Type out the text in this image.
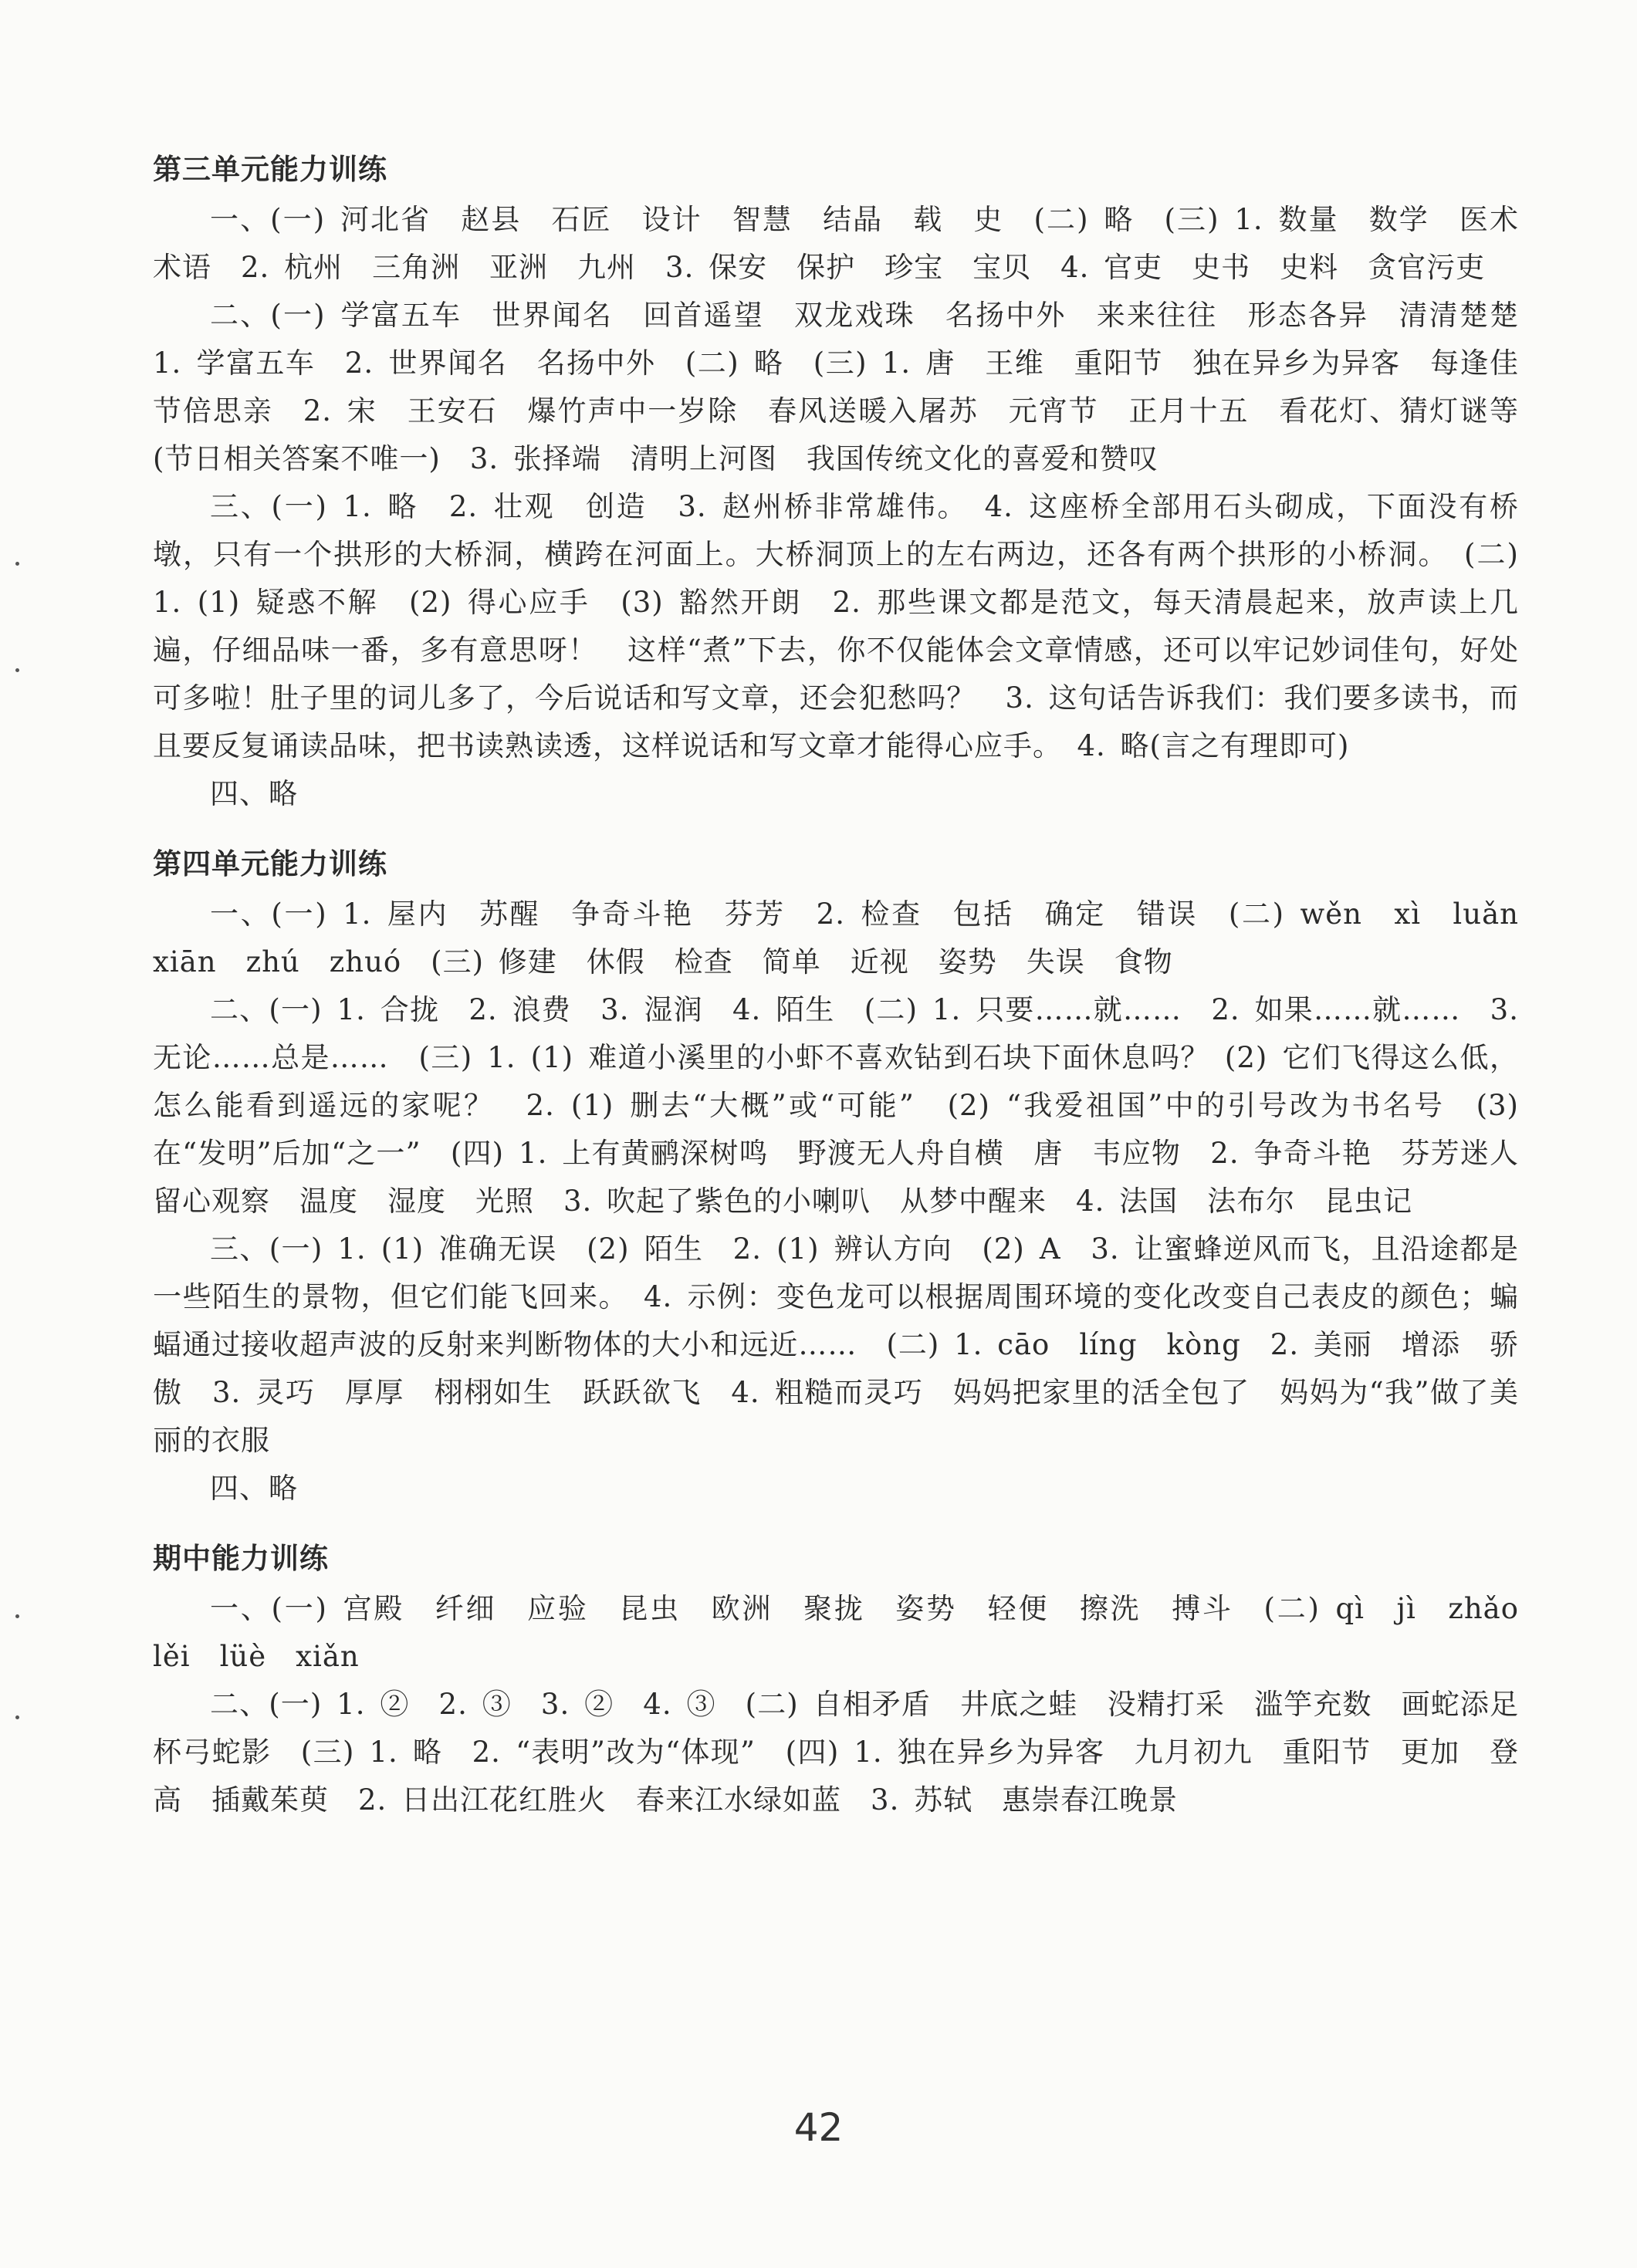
第三单元能力训练

一、(一) 河北省　赵县　石匠　设计　智慧　结晶　载　史　(二) 略　(三) 1. 数量　数学　医术　术语　2. 杭州　三角洲　亚洲　九州　3. 保安　保护　珍宝　宝贝　4. 官吏　史书　史料　贪官污吏

二、(一) 学富五车　世界闻名　回首遥望　双龙戏珠　名扬中外　来来往往　形态各异　清清楚楚　1. 学富五车　2. 世界闻名　名扬中外　(二) 略　(三) 1. 唐　王维　重阳节　独在异乡为异客　每逢佳节倍思亲　2. 宋　王安石　爆竹声中一岁除　春风送暖入屠苏　元宵节　正月十五　看花灯、猜灯谜等(节日相关答案不唯一)　3. 张择端　清明上河图　我国传统文化的喜爱和赞叹

三、(一) 1. 略　2. 壮观　创造　3. 赵州桥非常雄伟。　4. 这座桥全部用石头砌成，下面没有桥墩，只有一个拱形的大桥洞，横跨在河面上。大桥洞顶上的左右两边，还各有两个拱形的小桥洞。　(二) 1. (1) 疑惑不解　(2) 得心应手　(3) 豁然开朗　2. 那些课文都是范文，每天清晨起来，放声读上几遍，仔细品味一番，多有意思呀！　这样“煮”下去，你不仅能体会文章情感，还可以牢记妙词佳句，好处可多啦！肚子里的词儿多了，今后说话和写文章，还会犯愁吗？　3. 这句话告诉我们：我们要多读书，而且要反复诵读品味，把书读熟读透，这样说话和写文章才能得心应手。　4. 略(言之有理即可)

四、略

第四单元能力训练

一、(一) 1. 屋内　苏醒　争奇斗艳　芬芳　2. 检查　包括　确定　错误　(二) wěn　xì　luǎn　xiān　zhú　zhuó　(三) 修建　休假　检查　简单　近视　姿势　失误　食物

二、(一) 1. 合拢　2. 浪费　3. 湿润　4. 陌生　(二) 1. 只要……就……　2. 如果……就……　3. 无论……总是……　(三) 1. (1) 难道小溪里的小虾不喜欢钻到石块下面休息吗？ (2) 它们飞得这么低，怎么能看到遥远的家呢？　2. (1) 删去“大概”或“可能”　(2) “我爱祖国”中的引号改为书名号　(3) 在“发明”后加“之一”　(四) 1. 上有黄鹂深树鸣　野渡无人舟自横　唐　韦应物　2. 争奇斗艳　芬芳迷人　留心观察　温度　湿度　光照　3. 吹起了紫色的小喇叭　从梦中醒来　4. 法国　法布尔　昆虫记

三、(一) 1. (1) 准确无误　(2) 陌生　2. (1) 辨认方向　(2) A　3. 让蜜蜂逆风而飞，且沿途都是一些陌生的景物，但它们能飞回来。　4. 示例：变色龙可以根据周围环境的变化改变自己表皮的颜色；蝙蝠通过接收超声波的反射来判断物体的大小和远近……　(二) 1. cāo　líng　kòng　2. 美丽　增添　骄傲　3. 灵巧　厚厚　栩栩如生　跃跃欲飞　4. 粗糙而灵巧　妈妈把家里的活全包了　妈妈为“我”做了美丽的衣服

四、略

期中能力训练

一、(一) 宫殿　纤细　应验　昆虫　欧洲　聚拢　姿势　轻便　擦洗　搏斗　(二) qì　jì　zhǎo　lěi　lüè　xiǎn

二、(一) 1. ②　2. ③　3. ②　4. ③　(二) 自相矛盾　井底之蛙　没精打采　滥竽充数　画蛇添足　杯弓蛇影　(三) 1. 略　2. “表明”改为“体现”　(四) 1. 独在异乡为异客　九月初九　重阳节　更加　登高　插戴茱萸　2. 日出江花红胜火　春来江水绿如蓝　3. 苏轼　惠崇春江晚景

42
